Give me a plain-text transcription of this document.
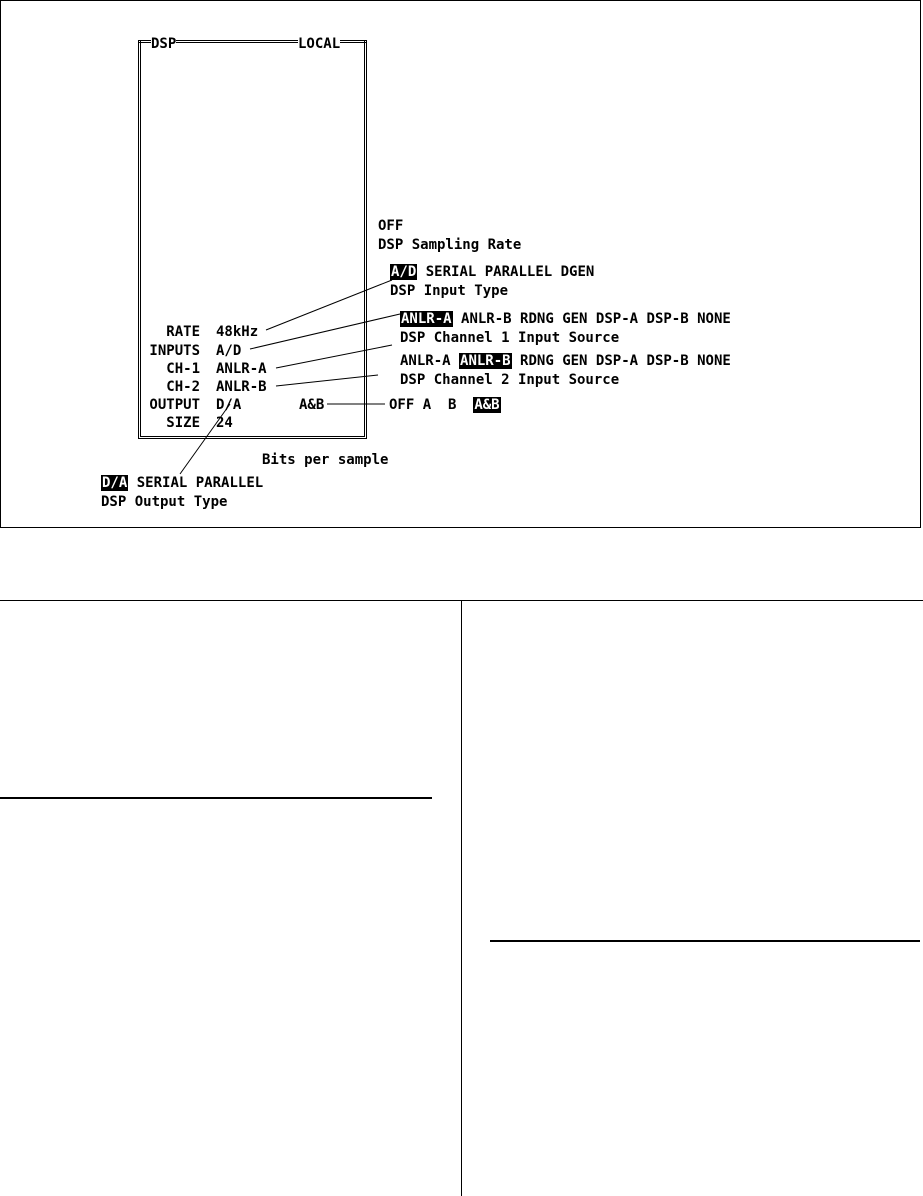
DSP	LOCAL
RATE
INPUTS
CH-1
CH-2
OUTPUT
SIZE
48kHz
A/D
ANLR-A
ANLR-B
D/A	A&B
24
OFF
DSP Sampling Rate
A/D SERIAL PARALLEL DGEN
DSP Input Type
ANLR-A ANLR-B RDNG GEN DSP-A DSP-B NONE
DSP Channel 1 Input Source
ANLR-A ANLR-B RDNG GEN DSP-A DSP-B NONE
DSP Channel 2 Input Source
OFF A B A&B
Bits per sample
D/A SERIAL PARALLEL
DSP Output Type
